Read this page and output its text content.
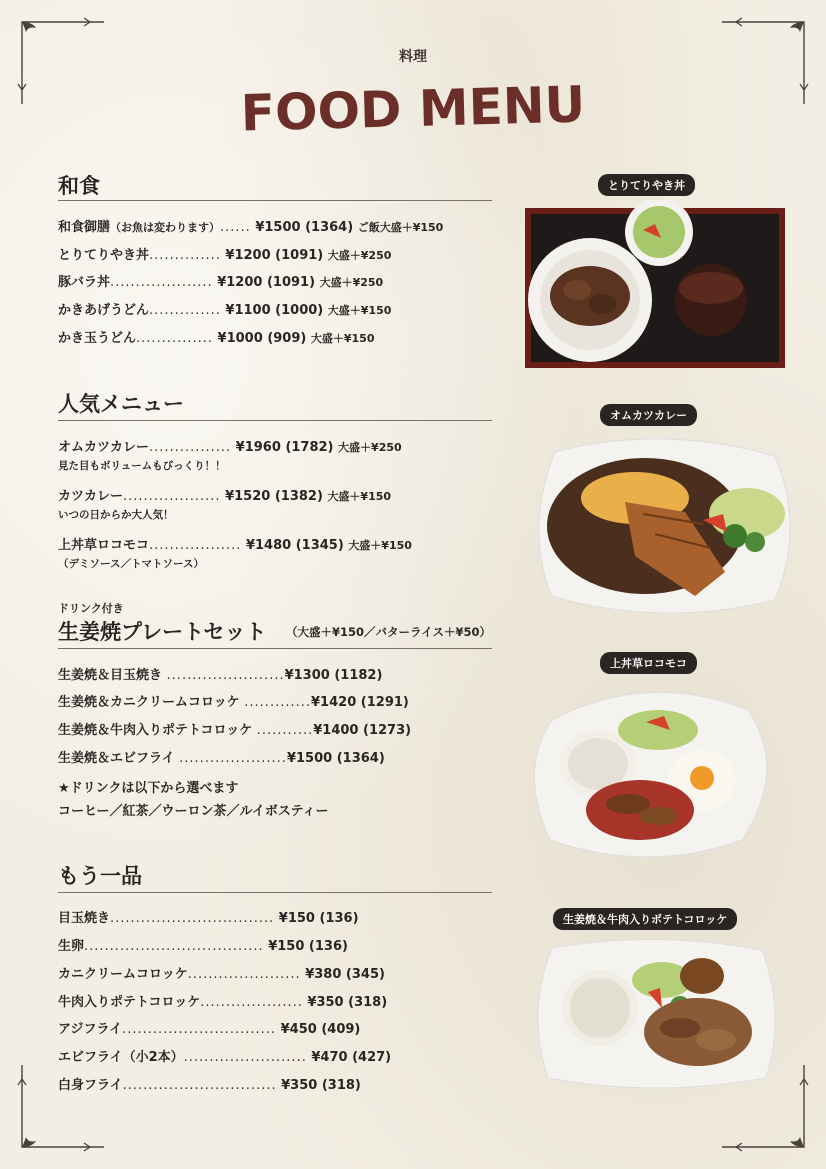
料理
FOOD MENU
和食
和食御膳（お魚は変わります）...... ¥1500 (1364) ご飯大盛＋¥150
とりてりやき丼.............. ¥1200 (1091) 大盛＋¥250
豚バラ丼.................... ¥1200 (1091) 大盛＋¥250
かきあげうどん.............. ¥1100 (1000) 大盛＋¥150
かき玉うどん............... ¥1000 (909) 大盛＋¥150
人気メニュー
オムカツカレー................ ¥1960 (1782) 大盛＋¥250
見た目もボリュームもびっくり！！
カツカレー................... ¥1520 (1382) 大盛＋¥150
いつの日からか大人気！
上丼草ロコモコ.................. ¥1480 (1345) 大盛＋¥150
（デミソース／トマトソース）
ドリンク付き
生姜焼プレートセット （大盛＋¥150／バターライス＋¥50）
生姜焼＆目玉焼き .......................¥1300 (1182)
生姜焼＆カニクリームコロッケ .............¥1420 (1291)
生姜焼＆牛肉入りポテトコロッケ ...........¥1400 (1273)
生姜焼＆エビフライ .....................¥1500 (1364)
★ドリンクは以下から選べます
コーヒー／紅茶／ウーロン茶／ルイボスティー
もう一品
目玉焼き................................ ¥150 (136)
生卵................................... ¥150 (136)
カニクリームコロッケ...................... ¥380 (345)
牛肉入りポテトコロッケ.................... ¥350 (318)
アジフライ.............................. ¥450 (409)
エビフライ（小2本）........................ ¥470 (427)
白身フライ.............................. ¥350 (318)
とりてりやき丼
オムカツカレー
上丼草ロコモコ
生姜焼＆牛肉入りポテトコロッケ
